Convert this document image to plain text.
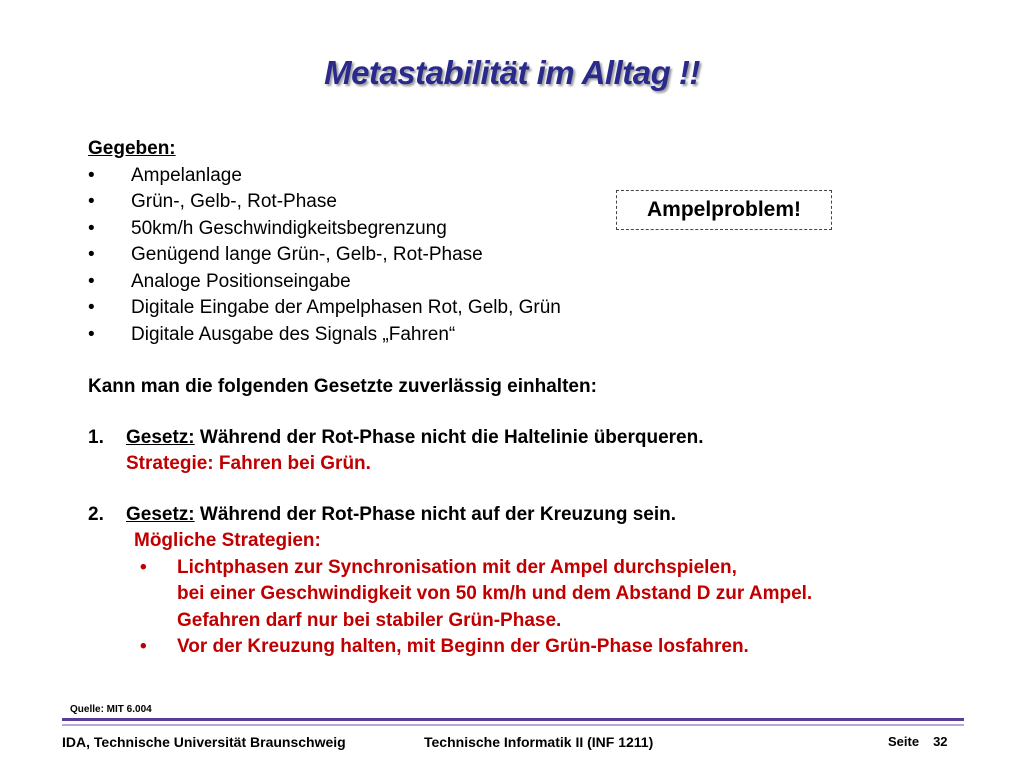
Metastabilität im Alltag !!
Ampelproblem!
Gegeben:
• Ampelanlage
• Grün-, Gelb-, Rot-Phase
• 50km/h Geschwindigkeitsbegrenzung
• Genügend lange Grün-, Gelb-, Rot-Phase
• Analoge Positionseingabe
• Digitale Eingabe der Ampelphasen Rot, Gelb, Grün
• Digitale Ausgabe des Signals „Fahren“
Kann man die folgenden Gesetzte zuverlässig einhalten:
1. Gesetz: Während der Rot-Phase nicht die Haltelinie überqueren.
Strategie: Fahren bei Grün.
2. Gesetz: Während der Rot-Phase nicht auf der Kreuzung sein.
Mögliche Strategien:
• Lichtphasen zur Synchronisation mit der Ampel durchspielen,
bei einer Geschwindigkeit von 50 km/h und dem Abstand D zur Ampel.
Gefahren darf nur bei stabiler Grün-Phase.
• Vor der Kreuzung halten, mit Beginn der Grün-Phase losfahren.
Quelle: MIT 6.004
IDA, Technische Universität Braunschweig	Technische Informatik II (INF 1211)	Seite 32
